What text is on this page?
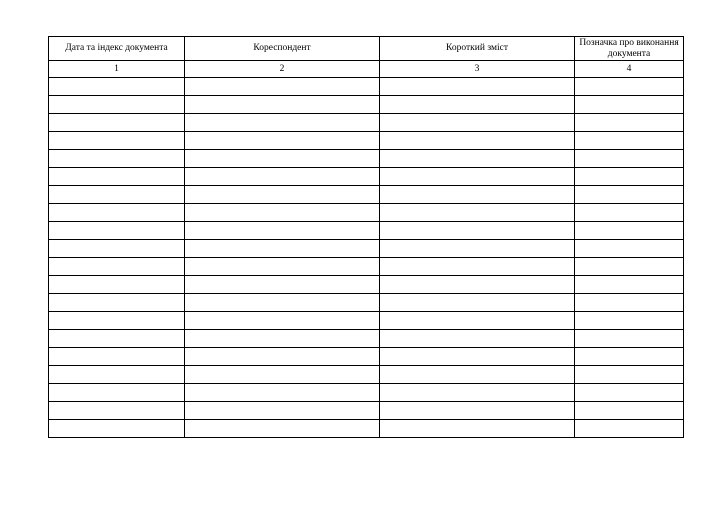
Дата та індекс документа	Кореспондент	Короткий зміст	Позначка про виконання документа
1	2	3	4
